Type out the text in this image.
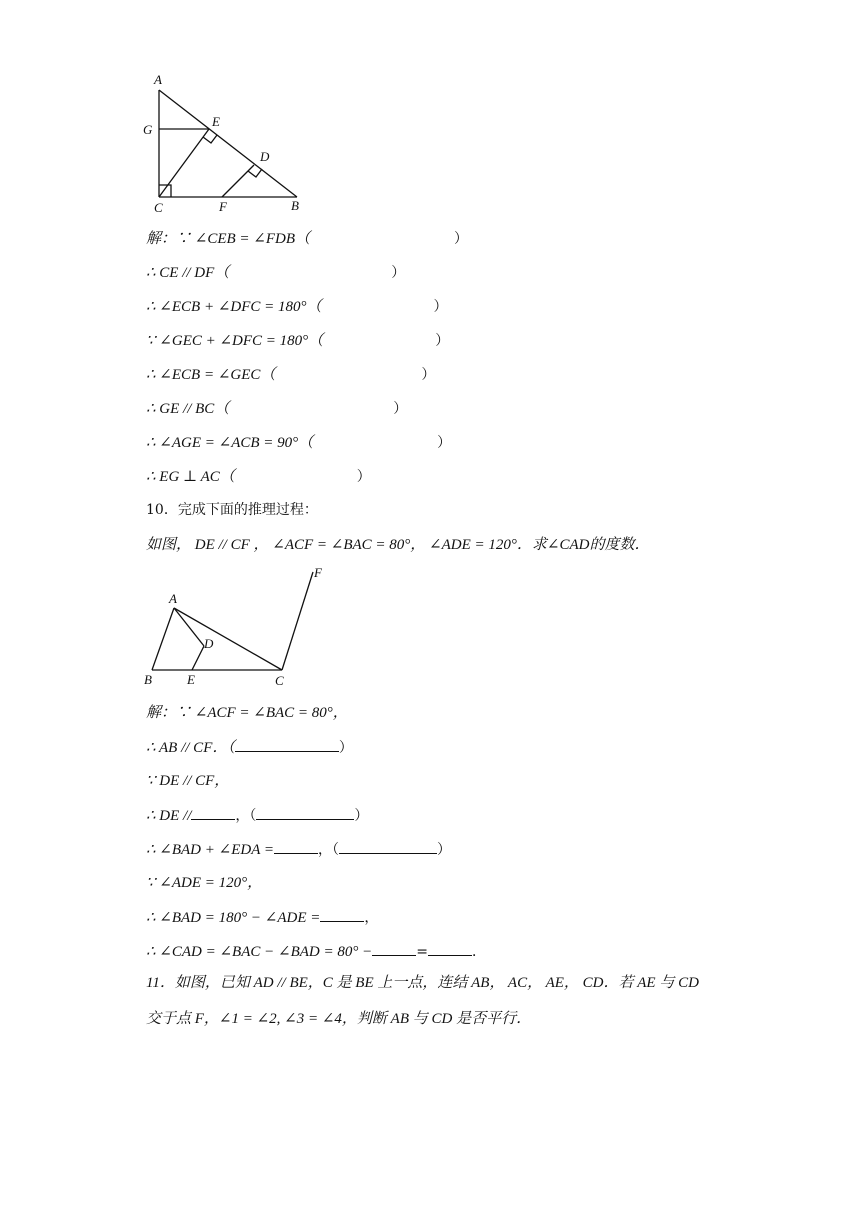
A
G
E
D
C	F	B
解：∵ ∠CEB = ∠FDB（	）
∴ CE // DF（	）
∴ ∠ECB + ∠DFC = 180°（	）
∵ ∠GEC + ∠DFC = 180°（	）
∴ ∠ECB = ∠GEC（	）
∴ GE // BC（	）
∴ ∠AGE = ∠ACB = 90°（	）
∴ EG ⊥ AC（	）
10．完成下面的推理过程：
如图， DE // CF ， ∠ACF = ∠BAC = 80°， ∠ADE = 120°．求∠CAD的度数．
A
D
B	E	C
F
解：∵ ∠ACF = ∠BAC = 80°，
∴ AB // CF．（	）
∵ DE // CF，
∴ DE //	，（	）
∴ ∠BAD + ∠EDA =	，（	）
∵ ∠ADE = 120°，
∴ ∠BAD = 180° − ∠ADE =	，
∴ ∠CAD = ∠BAC − ∠BAD = 80° −	=	．
11．如图，已知 AD // BE，C 是 BE 上一点，连结 AB， AC， AE， CD．若 AE 与 CD
交于点 F，∠1 = ∠2, ∠3 = ∠4，判断 AB 与 CD 是否平行．
